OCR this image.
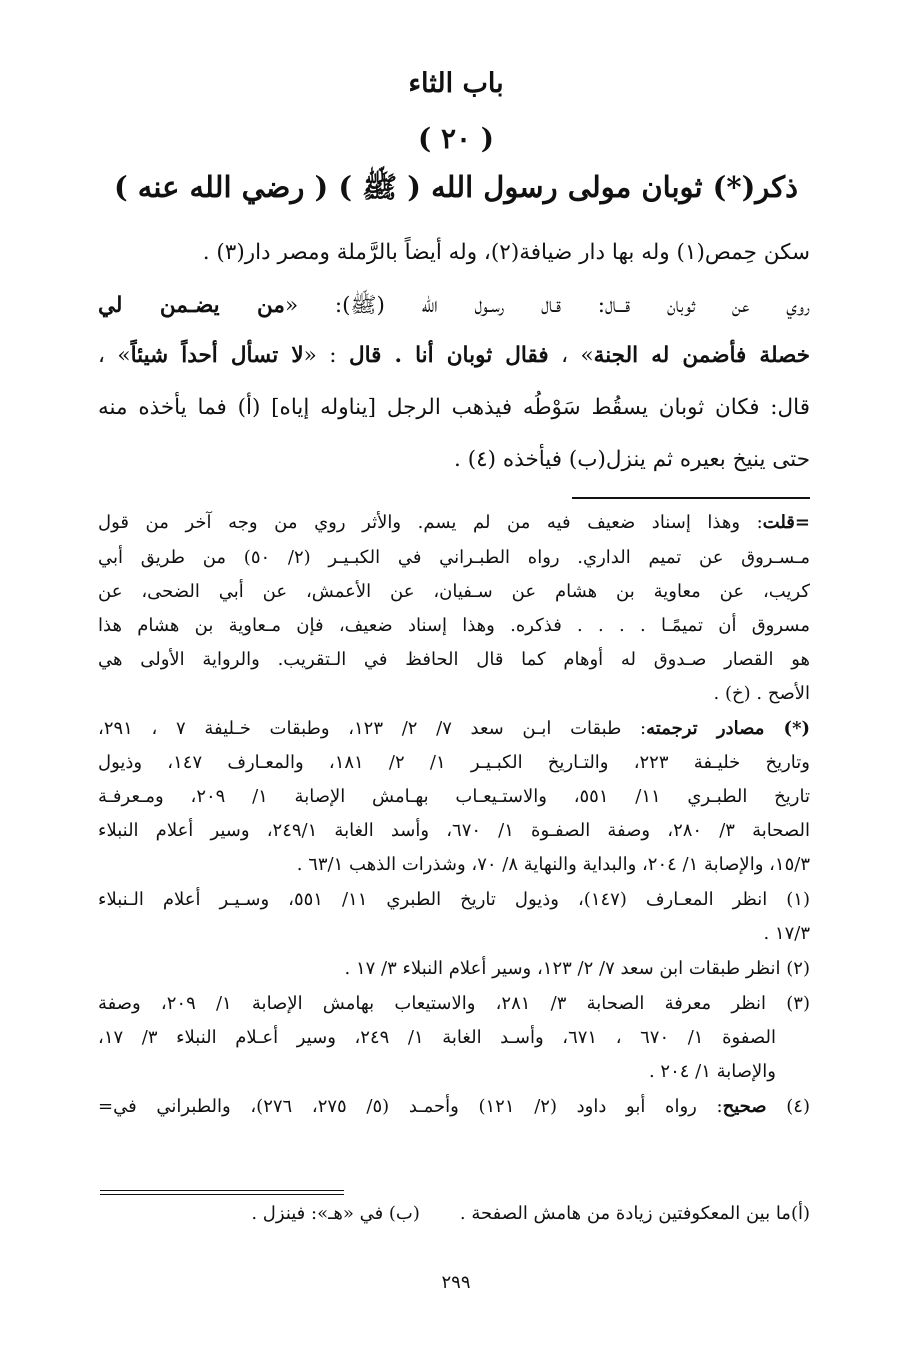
باب الثاء
( ٢٠ )
ذكر(*) ثوبان مولى رسول الله ( ﷺ ) ( رضي الله عنه )
سكن حِمص(١) وله بها دار ضيافة(٢)، وله أيضاً بالرَّملة ومصر دار(٣) .
روي عن ثوبان قـــال: قـال رسـول الله (ﷺ): «من يضـمن لي
خصلة فأضمن له الجنة» ، فقال ثوبان أنا . قال : «لا تسأل أحداً شيئاً» ،
قال: فكان ثوبان يسقُط سَوْطُه فيذهب الرجل [يناوله إياه] (أ) فما يأخذه منه
حتى ينيخ بعيره ثم ينزل(ب) فيأخذه (٤) .
=قلت: وهذا إسناد ضعيف فيه من لم يسم. والأثر روي من وجه آخر من قول
مـسـروق عن تميم الداري. رواه الطبـراني في الكبـيـر (٢/ ٥٠) من طريق أبي
كريب، عن معاوية بن هشام عن سـفيان، عن الأعمش، عن أبي الضحى، عن
مسروق أن تميمًـا . . . . فذكره. وهذا إسناد ضعيف، فإن مـعاوية بن هشام هذا
هو القصار صـدوق له أوهام كما قال الحافظ في الـتقريب. والرواية الأولى هي
الأصح . (خ) .
(*) مصادر ترجمته: طبقات ابـن سعد ٧/ ٢/ ١٢٣، وطبقات خـليفة ٧ ، ٢٩١،
وتاريخ خليـفة ٢٢٣، والتـاريخ الكبـيـر ١/ ٢/ ١٨١، والمعـارف ١٤٧، وذيول
تاريخ الطبـري ١١/ ٥٥١، والاستـيعـاب بهـامش الإصابة ١/ ٢٠٩، ومـعرفـة
الصحابة ٣/ ٢٨٠، وصفة الصفـوة ١/ ٦٧٠، وأسد الغابة ٢٤٩/١، وسير أعلام النبلاء
١٥/٣، والإصابة ١/ ٢٠٤، والبداية والنهاية ٨/ ٧٠، وشذرات الذهب ٦٣/١ .
(١) انظر المعـارف (١٤٧)، وذيول تاريخ الطبري ١١/ ٥٥١، وسـيـر أعلام الـنبلاء
١٧/٣ .
(٢) انظر طبقات ابن سعد ٧/ ٢/ ١٢٣، وسير أعلام النبلاء ٣/ ١٧ .
(٣) انظر معرفة الصحابة ٣/ ٢٨١، والاستيعاب بهامش الإصابة ١/ ٢٠٩، وصفة
الصفوة ١/ ٦٧٠ ، ٦٧١، وأسـد الغابة ١/ ٢٤٩، وسير أعـلام النبلاء ٣/ ١٧،
والإصابة ١/ ٢٠٤ .
(٤) صحيح: رواه أبو داود (٢/ ١٢١) وأحمـد (٥/ ٢٧٥، ٢٧٦)، والطبراني في=
(أ)ما بين المعكوفتين زيادة من هامش الصفحة .(ب) في «هـ»: فينزل .
٢٩٩
